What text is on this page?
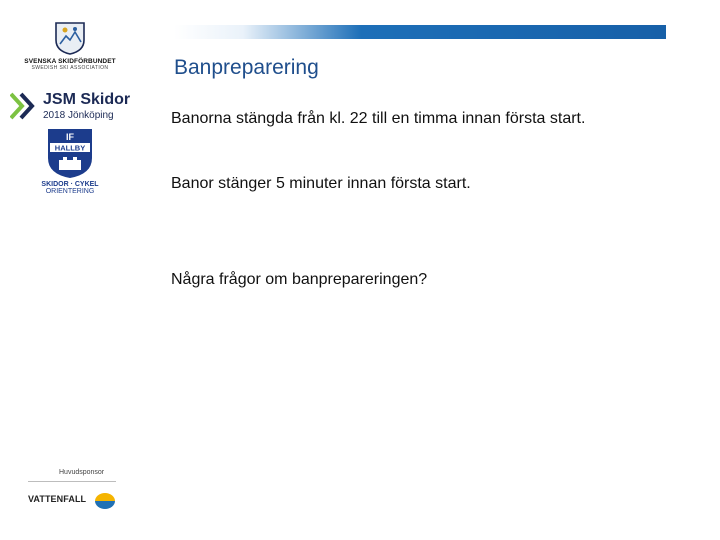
SVENSKA SKIDFÖRBUNDET
SWEDISH SKI ASSOCIATION
JSM Skidor
2018 Jönköping
IF
HALLBY
SKIDOR · CYKEL
ORIENTERING
Huvudsponsor
VATTENFALL
Banpreparering
Banorna stängda från kl. 22 till en timma innan första start.
Banor stänger 5 minuter innan första start.
Några frågor om banprepareringen?
